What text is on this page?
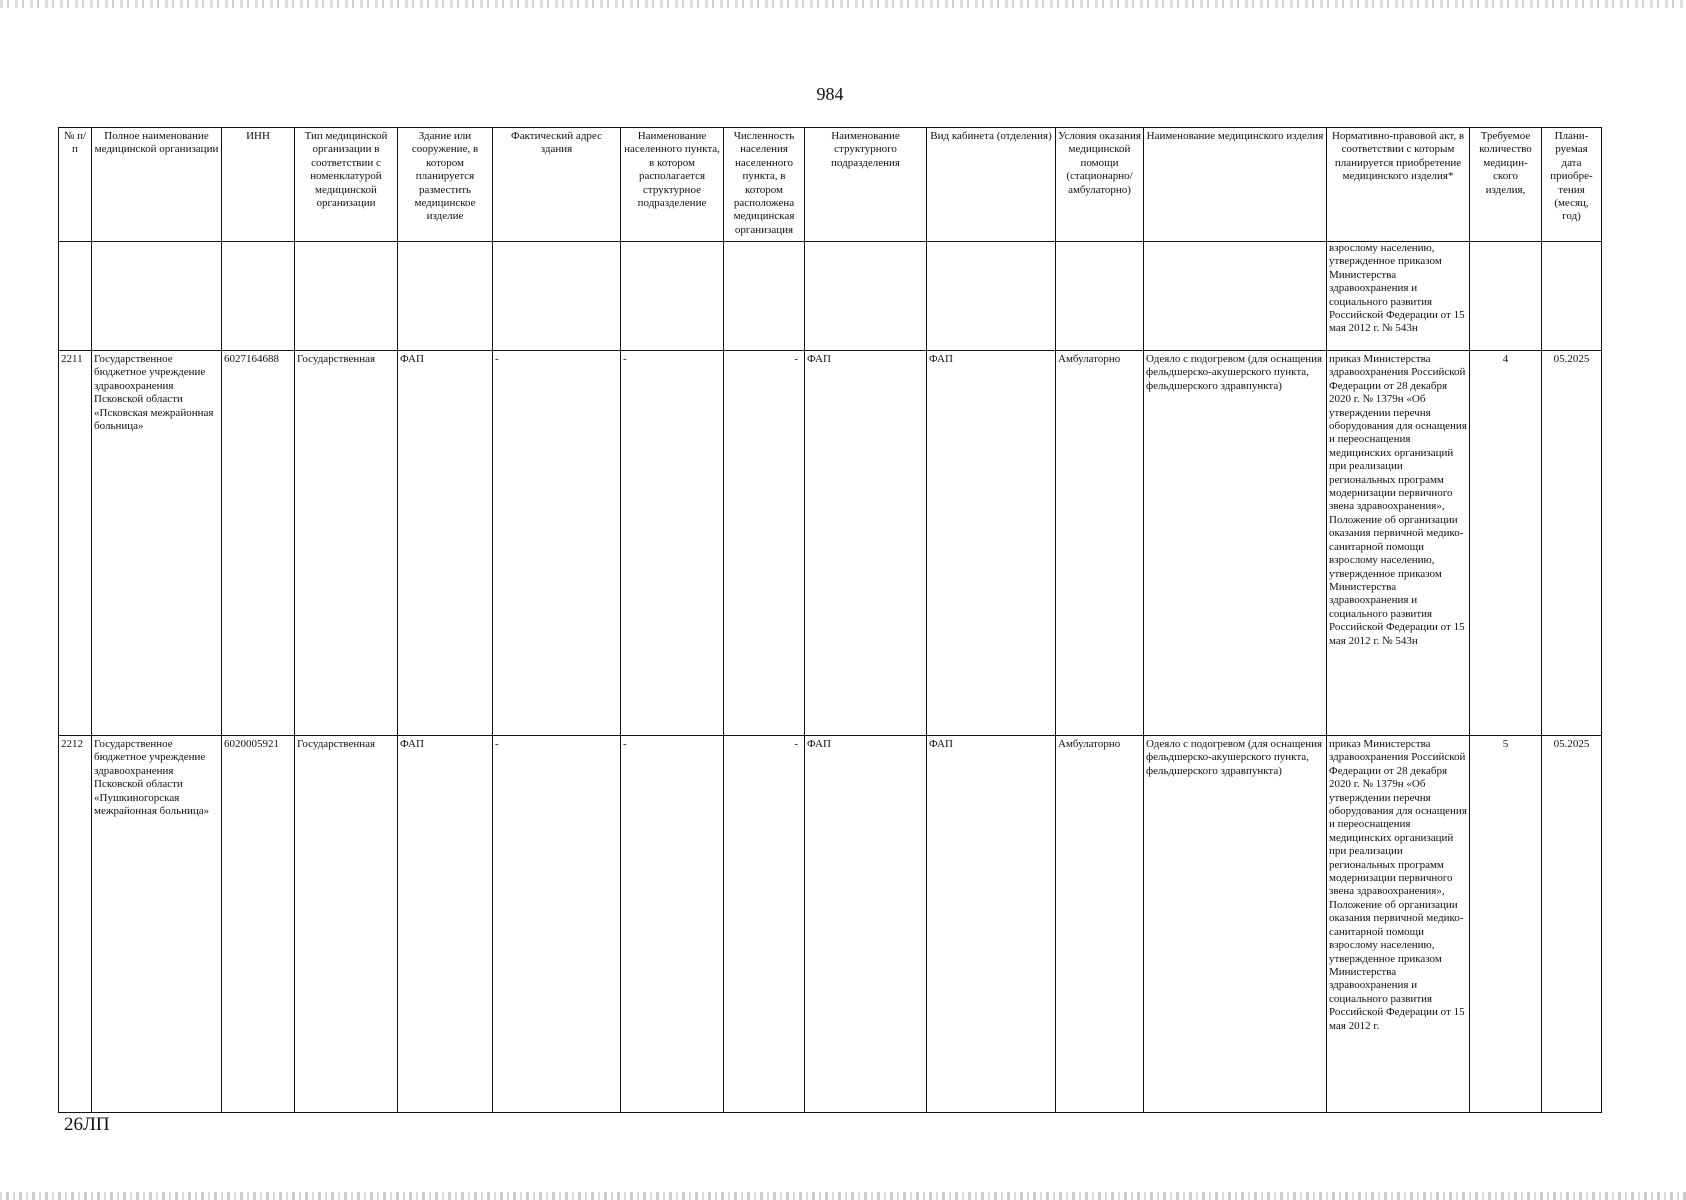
984
№ п/п	Полное наименование медицинской организации	ИНН	Тип медицинской организации в соответствии с номенклатурой медицинской организации	Здание или сооружение, в котором планируется разместить медицинское изделие	Фактический адрес здания	Наименование населенного пункта, в котором располагается структурное подразделение	Численность населения населенного пункта, в котором расположена медицинская организация	Наименование структурного подразделения	Вид кабинета (отделения)	Условия оказания медицинской помощи (стационарно/ амбулаторно)	Наименование медицинского изделия	Нормативно-правовой акт, в соответствии с которым планируется приобретение медицинского изделия*	Требуемое количество медицин- ского изделия,	Плани- руемая дата приобре- тения (месяц, год)
												взрослому населению, утвержденное приказом Министерства здравоохранения и социального развития Российской Федерации от 15 мая 2012 г. № 543н		
2211	Государственное бюджетное учреждение здравоохранения Псковской области «Псковская межрайонная больница»	6027164688	Государственная	ФАП	-	-	-	ФАП	ФАП	Амбулаторно	Одеяло с подогревом (для оснащения фельдшерско-акушерского пункта, фельдшерского здравпункта)	приказ Министерства здравоохранения Российской Федерации от 28 декабря 2020 г. № 1379н «Об утверждении перечня оборудования для оснащения и переоснащения медицинских организаций при реализации региональных программ модернизации первичного звена здравоохранения», Положение об организации оказания первичной медико-санитарной помощи взрослому населению, утвержденное приказом Министерства здравоохранения и социального развития Российской Федерации от 15 мая 2012 г. № 543н	4	05.2025
2212	Государственное бюджетное учреждение здравоохранения Псковской области «Пушкиногорская межрайонная больница»	6020005921	Государственная	ФАП	-	-	-	ФАП	ФАП	Амбулаторно	Одеяло с подогревом (для оснащения фельдшерско-акушерского пункта, фельдшерского здравпункта)	приказ Министерства здравоохранения Российской Федерации от 28 декабря 2020 г. № 1379н «Об утверждении перечня оборудования для оснащения и переоснащения медицинских организаций при реализации региональных программ модернизации первичного звена здравоохранения», Положение об организации оказания первичной медико-санитарной помощи взрослому населению, утвержденное приказом Министерства здравоохранения и социального развития Российской Федерации от 15 мая 2012 г.	5	05.2025
26ЛП
